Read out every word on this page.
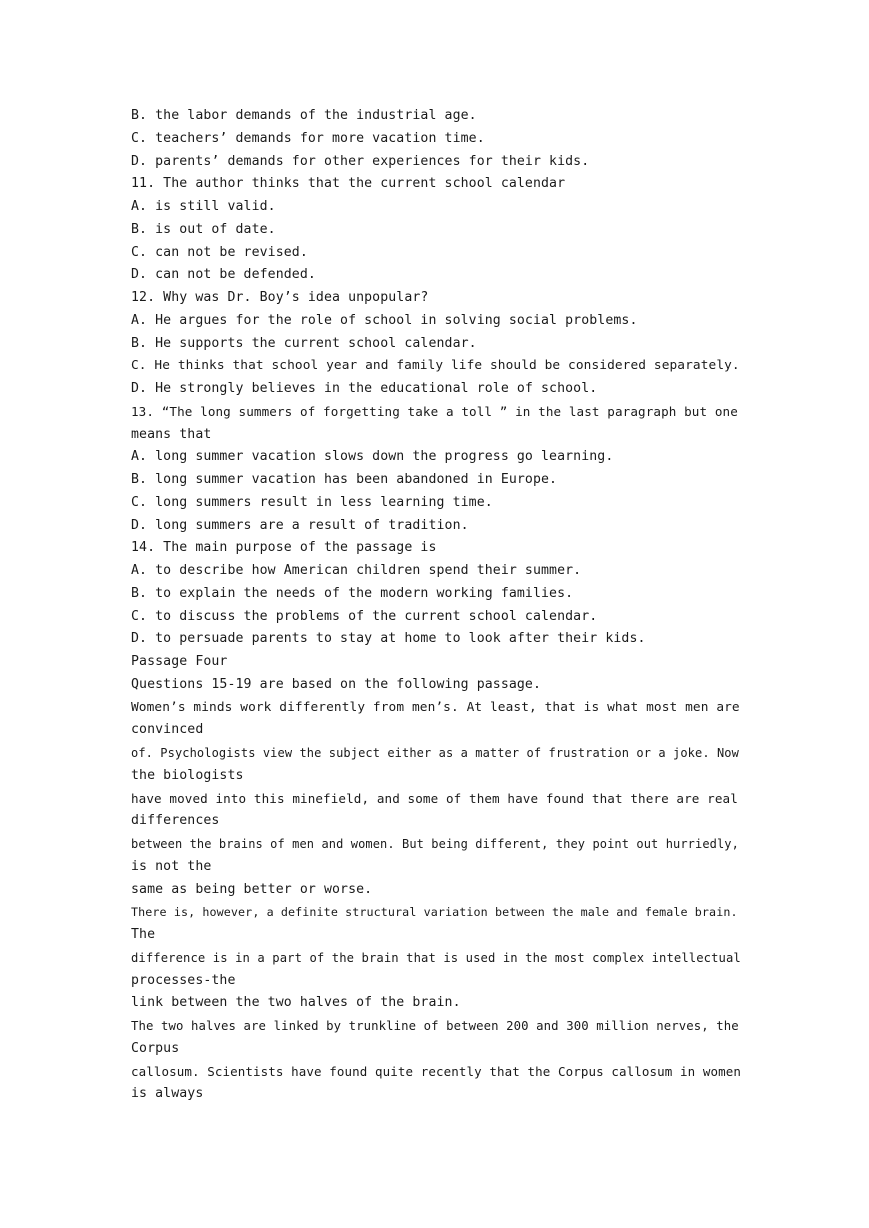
B. the labor demands of the industrial age.
C. teachers’ demands for more vacation time.
D. parents’ demands for other experiences for their kids.
11. The author thinks that the current school calendar
A. is still valid.
B. is out of date.
C. can not be revised.
D. can not be defended.
12. Why was Dr. Boy’s idea unpopular?
A. He argues for the role of school in solving social problems.
B. He supports the current school calendar.
C. He thinks that school year and family life should be considered separately.
D. He strongly believes in the educational role of school.
13. “The long summers of forgetting take a toll ” in the last paragraph but one
means that
A. long summer vacation slows down the progress go learning.
B. long summer vacation has been abandoned in Europe.
C. long summers result in less learning time.
D. long summers are a result of tradition.
14. The main purpose of the passage is
A. to describe how American children spend their summer.
B. to explain the needs of the modern working families.
C. to discuss the problems of the current school calendar.
D. to persuade parents to stay at home to look after their kids.
Passage Four
Questions 15-19 are based on the following passage.
Women’s minds work differently from men’s. At least, that is what most men are
convinced
of. Psychologists view the subject either as a matter of frustration or a joke. Now
the biologists
have moved into this minefield, and some of them have found that there are real
differences
between the brains of men and women. But being different, they point out hurriedly,
is not the
same as being better or worse.
There is, however, a definite structural variation between the male and female brain.
The
difference is in a part of the brain that is used in the most complex intellectual
processes-the
link between the two halves of the brain.
The two halves are linked by trunkline of between 200 and 300 million nerves, the
Corpus
callosum. Scientists have found quite recently that the Corpus callosum in women
is always
